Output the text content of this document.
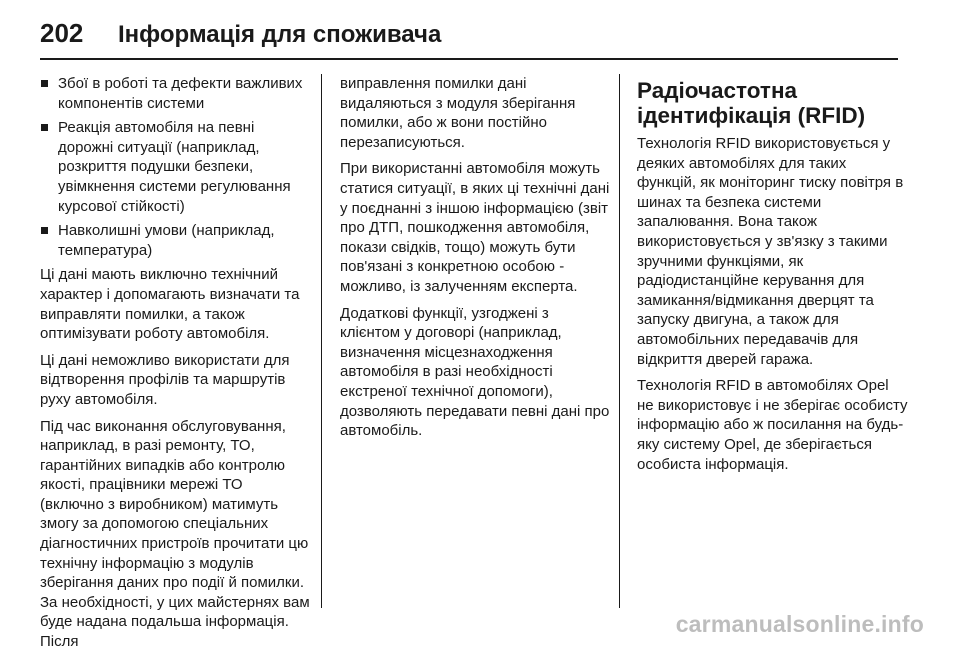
202	Інформація для споживача
Збої в роботі та дефекти важливих компонентів системи
Реакція автомобіля на певні дорожні ситуації (наприклад, розкриття подушки безпеки, увімкнення системи регулювання курсової стійкості)
Навколишні умови (наприклад, температура)

Ці дані мають виключно технічний характер і допомагають визначати та виправляти помилки, а також оптимізувати роботу автомобіля.

Ці дані неможливо використати для відтворення профілів та маршрутів руху автомобіля.

Під час виконання обслуговування, наприклад, в разі ремонту, ТО, гарантійних випадків або контролю якості, працівники мережі ТО (включно з виробником) матимуть змогу за допомогою спеціальних діагностичних пристроїв прочитати цю технічну інформацію з модулів зберігання даних про події й помилки. За необхідності, у цих майстернях вам буде надана подальша інформація. Після

виправлення помилки дані видаляються з модуля зберігання помилки, або ж вони постійно перезаписуються.

При використанні автомобіля можуть статися ситуації, в яких ці технічні дані у поєднанні з іншою інформацією (звіт про ДТП, пошкодження автомобіля, покази свідків, тощо) можуть бути пов'язані з конкретною особою - можливо, із залученням експерта.

Додаткові функції, узгоджені з клієнтом у договорі (наприклад, визначення місцезнаходження автомобіля в разі необхідності екстреної технічної допомоги), дозволяють передавати певні дані про автомобіль.

Радіочастотна ідентифікація (RFID)

Технологія RFID використовується у деяких автомобілях для таких функцій, як моніторинг тиску повітря в шинах та безпека системи запалювання. Вона також використовується у зв'язку з такими зручними функціями, як радіодистанційне керування для замикання/відмикання дверцят та запуску двигуна, а також для автомобільних передавачів для відкриття дверей гаража.

Технологія RFID в автомобілях Opel не використовує і не зберігає особисту інформацію або ж посилання на будь-яку систему Opel, де зберігається особиста інформація.

carmanualsonline.info
